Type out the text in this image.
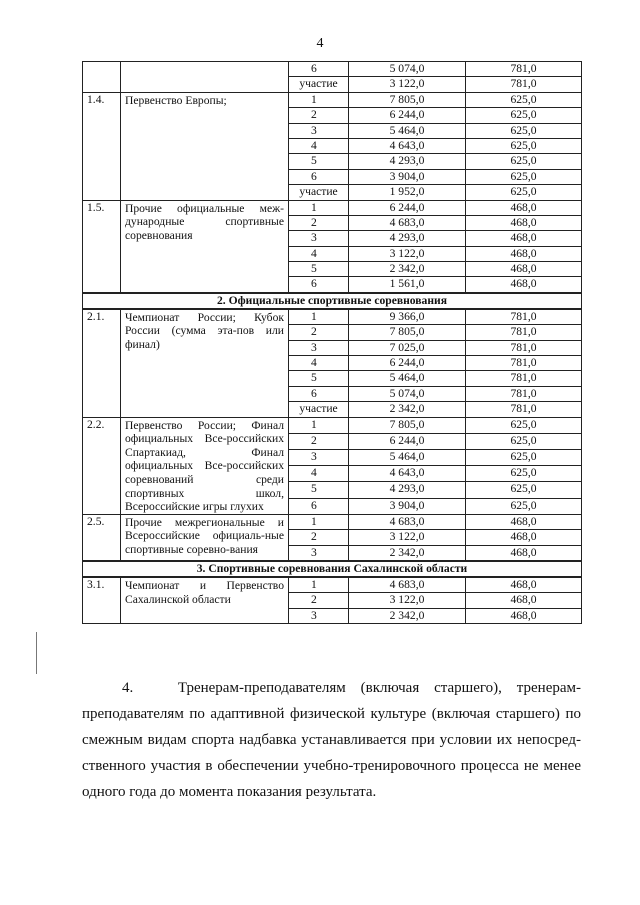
4
		6	5 074,0	781,0
		участие	3 122,0	781,0
1.4.	Первенство Европы;	1	7 805,0	625,0
		2	6 244,0	625,0
		3	5 464,0	625,0
		4	4 643,0	625,0
		5	4 293,0	625,0
		6	3 904,0	625,0
		участие	1 952,0	625,0
1.5.	Прочие официальные меж-дународные спортивные соревнования	1	6 244,0	468,0
		2	4 683,0	468,0
		3	4 293,0	468,0
		4	3 122,0	468,0
		5	2 342,0	468,0
		6	1 561,0	468,0
2. Официальные спортивные соревнования				
2.1.	Чемпионат России; Кубок России (сумма эта-пов или финал)	1	9 366,0	781,0
		2	7 805,0	781,0
		3	7 025,0	781,0
		4	6 244,0	781,0
		5	5 464,0	781,0
		6	5 074,0	781,0
		участие	2 342,0	781,0
2.2.	Первенство России; Финал официальных Все-российских Спартакиад, Финал официальных Все-российских соревнований среди спортивных школ, Всероссийские игры глухих	1	7 805,0	625,0
		2	6 244,0	625,0
		3	5 464,0	625,0
		4	4 643,0	625,0
		5	4 293,0	625,0
		6	3 904,0	625,0
2.5.	Прочие межрегиональные и Всероссийские официаль-ные спортивные соревно-вания	1	4 683,0	468,0
		2	3 122,0	468,0
		3	2 342,0	468,0
3. Спортивные соревнования Сахалинской области				
3.1.	Чемпионат и Первенство Сахалинской области	1	4 683,0	468,0
		2	3 122,0	468,0
		3	2 342,0	468,0
4.	Тренерам-преподавателям (включая старшего), тренерам-преподавателям по адаптивной физической культуре (включая старшего) по смежным видам спорта надбавка устанавливается при условии их непосред-ственного участия в обеспечении учебно-тренировочного процесса не менее одного года до момента показания результата.
